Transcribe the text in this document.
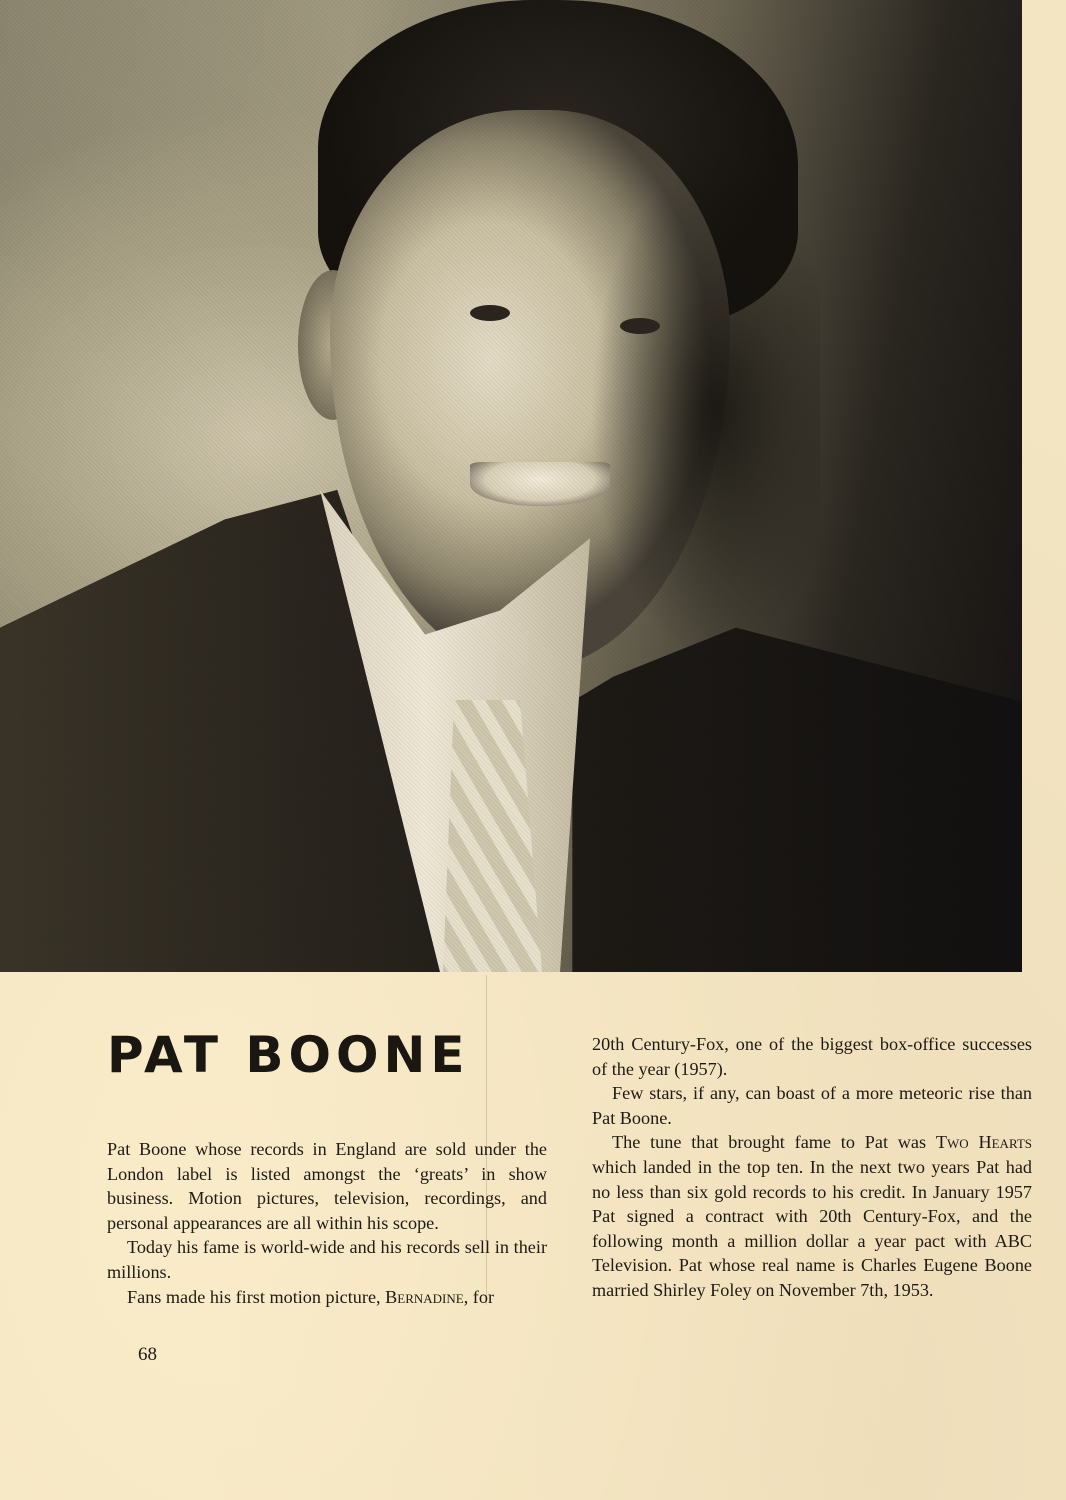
PAT BOONE

Pat Boone whose records in England are sold under the London label is listed amongst the ‘greats’ in show business. Motion pictures, television, recordings, and personal appearances are all within his scope.

Today his fame is world-wide and his records sell in their millions.

Fans made his first motion picture, Bernadine, for

20th Century-Fox, one of the biggest box-office successes of the year (1957).

Few stars, if any, can boast of a more meteoric rise than Pat Boone.

The tune that brought fame to Pat was Two Hearts which landed in the top ten. In the next two years Pat had no less than six gold records to his credit. In January 1957 Pat signed a contract with 20th Century-Fox, and the following month a million dollar a year pact with ABC Television. Pat whose real name is Charles Eugene Boone married Shirley Foley on November 7th, 1953.

68
